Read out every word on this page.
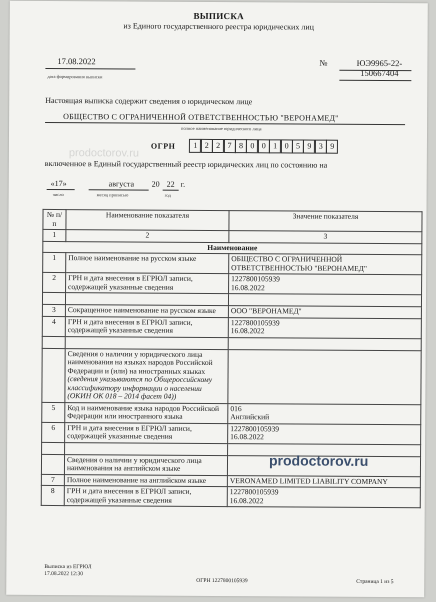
ВЫПИСКА
из Единого государственного реестра юридических лиц
17.08.2022
дата формирования выписки
№	ЮЭ9965-22-150667404
Настоящая выписка содержит сведения о юридическом лице
ОБЩЕСТВО С ОГРАНИЧЕННОЙ ОТВЕТСТВЕННОСТЬЮ "ВЕРОНАМЕД"
полное наименование юридического лица
ОГРН	1 2 2 7 8 0 0 1 0 5 9 3 9
включенное в Единый государственный реестр юридических лиц по состоянию на
«17»	августа 20 22 г.
число	месяц прописью	год
№ п/п	Наименование показателя	Значение показателя
1	2	3
Наименование		
1	Полное наименование на русском языке	ОБЩЕСТВО С ОГРАНИЧЕННОЙ ОТВЕТСТВЕННОСТЬЮ "ВЕРОНАМЕД"
2	ГРН и дата внесения в ЕГРЮЛ записи, содержащей указанные сведения	1227800105939
16.08.2022

3	Сокращенное наименование на русском языке	ООО "ВЕРОНАМЕД"
4	ГРН и дата внесения в ЕГРЮЛ записи, содержащей указанные сведения	1227800105939
16.08.2022

	Сведения о наличии у юридического лица наименования на языках народов Российской Федерации и (или) на иностранных языках
(сведения указываются по Общероссийскому классификатору информации о населении (ОКИН ОК 018 – 2014 фасет 04))	

5	Код и наименование языка народов Российской Федерации или иностранного языка	016
Английский
6	ГРН и дата внесения в ЕГРЮЛ записи, содержащей указанные сведения	1227800105939
16.08.2022

	Сведения о наличии у юридического лица наименования на английском языке	
7	Полное наименование на английском языке	VERONAMED LIMITED LIABILITY COMPANY
8	ГРН и дата внесения в ЕГРЮЛ записи, содержащей указанные сведения	1227800105939
16.08.2022
Выписка из ЕГРЮЛ
17.08.2022 12:30
ОГРН 1227800105939	Страница 1 из 5
prodoctorov.ru
prodoctorov.ru
